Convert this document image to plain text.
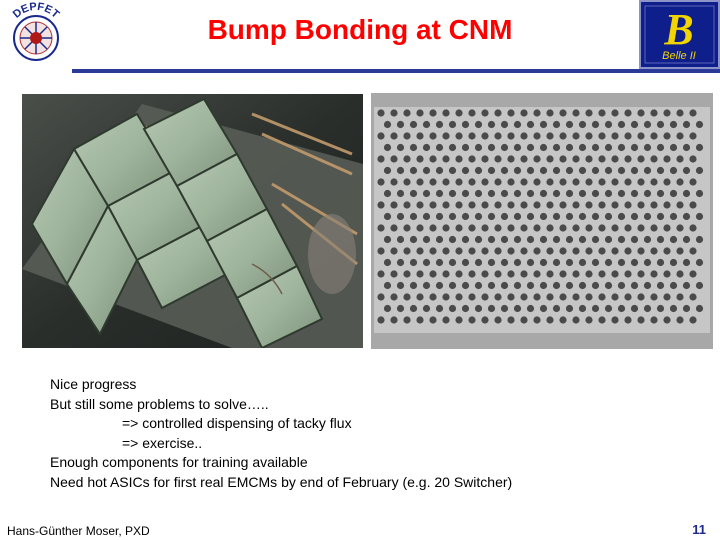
DEPFET	Bump Bonding at CNM	B
Belle II
Nice progress
But still some problems to solve…..
=> controlled dispensing of tacky flux
=> exercise..
Enough components for training available
Need hot ASICs for first real EMCMs by end of February (e.g. 20 Switcher)
Hans-Günther Moser, PXD	11
